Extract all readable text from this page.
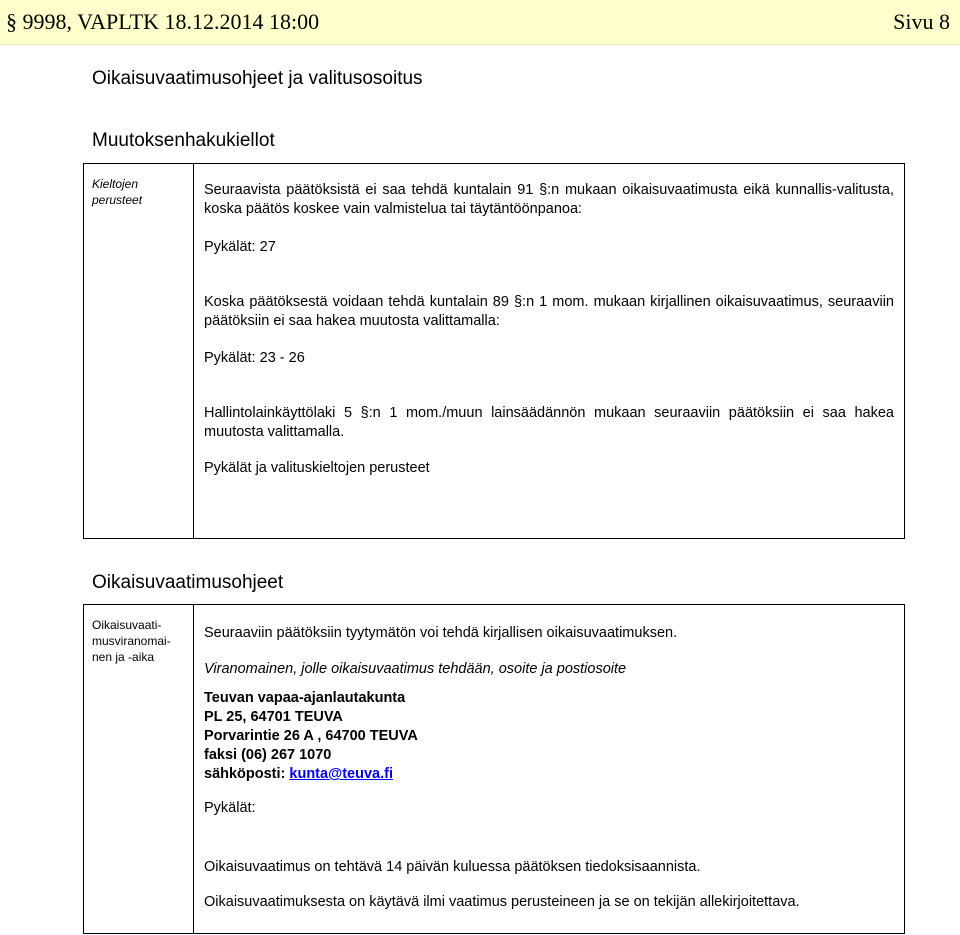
§ 9998, VAPLTK 18.12.2014 18:00	Sivu 8
Oikaisuvaatimusohjeet ja valitusosoitus
Muutoksenhakukiellot
Kieltojen perusteet
Seuraavista päätöksistä ei saa tehdä kuntalain 91 §:n mukaan oikaisuvaatimusta eikä kunnallis-valitusta, koska päätös koskee vain valmistelua tai täytäntöönpanoa:
Pykälät: 27
Koska päätöksestä voidaan tehdä kuntalain 89 §:n 1 mom. mukaan kirjallinen oikaisuvaatimus, seuraaviin päätöksiin ei saa hakea muutosta valittamalla:
Pykälät: 23 - 26
Hallintolainkäyttölaki 5 §:n 1 mom./muun lainsäädännön mukaan seuraaviin päätöksiin ei saa hakea muutosta valittamalla.
Pykälät ja valituskieltojen perusteet
Oikaisuvaatimusohjeet
Oikaisuvaati-musviranomai-nen ja -aika
Seuraaviin päätöksiin tyytymätön voi tehdä kirjallisen oikaisuvaatimuksen.
Viranomainen, jolle oikaisuvaatimus tehdään, osoite ja postiosoite
Teuvan vapaa-ajanlautakunta
PL 25, 64701 TEUVA
Porvarintie 26 A , 64700 TEUVA
faksi (06) 267 1070
sähköposti: kunta@teuva.fi
Pykälät:
Oikaisuvaatimus on tehtävä 14 päivän kuluessa päätöksen tiedoksisaannista.
Oikaisuvaatimuksesta on käytävä ilmi vaatimus perusteineen ja se on tekijän allekirjoitettava.
